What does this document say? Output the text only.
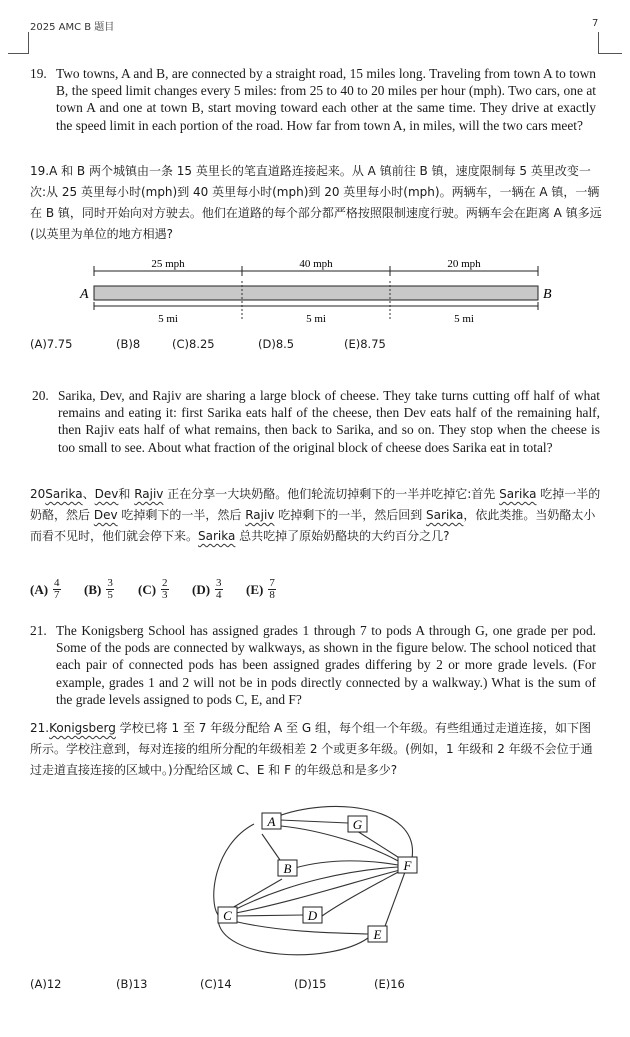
2025 AMC B 题目	7
19. Two towns, A and B, are connected by a straight road, 15 miles long. Traveling from town A to town B, the speed limit changes every 5 miles: from 25 to 40 to 20 miles per hour (mph). Two cars, one at town A and one at town B, start moving toward each other at the same time. They drive at exactly the speed limit in each portion of the road. How far from town A, in miles, will the two cars meet?
19.A 和 B 两个城镇由一条 15 英里长的笔直道路连接起来。从 A 镇前往 B 镇，速度限制每 5 英里改变一次:从 25 英里每小时(mph)到 40 英里每小时(mph)到 20 英里每小时(mph)。两辆车，一辆在 A 镇，一辆在 B 镇，同时开始向对方驶去。他们在道路的每个部分都严格按照限制速度行驶。两辆车会在距离 A 镇多远(以英里为单位的地方相遇?
25 mph	40 mph	20 mph
A	B
5 mi	5 mi	5 mi
(A)7.75	(B)8	(C)8.25	(D)8.5	(E)8.75
20. Sarika, Dev, and Rajiv are sharing a large block of cheese. They take turns cutting off half of what remains and eating it: first Sarika eats half of the cheese, then Dev eats half of the remaining half, then Rajiv eats half of what remains, then back to Sarika, and so on. They stop when the cheese is too small to see. About what fraction of the original block of cheese does Sarika eat in total?
20Sarika、Dev和 Rajiv 正在分享一大块奶酪。他们轮流切掉剩下的一半并吃掉它:首先 Sarika 吃掉一半的奶酪，然后 Dev 吃掉剩下的一半，然后 Rajiv 吃掉剩下的一半，然后回到 Sarika，依此类推。当奶酪太小而看不见时，他们就会停下来。Sarika 总共吃掉了原始奶酪块的大约百分之几?
$(A) \frac{4}{7} (B) \frac{3}{5} (C) \frac{2}{3} (D) \frac{3}{4} (E) \frac{7}{8}$
21. The Konigsberg School has assigned grades 1 through 7 to pods A through G, one grade per pod. Some of the pods are connected by walkways, as shown in the figure below. The school noticed that each pair of connected pods has been assigned grades differing by 2 or more grade levels. (For example, grades 1 and 2 will not be in pods directly connected by a walkway.) What is the sum of the grade levels assigned to pods C, E, and F?
21.Konigsberg 学校已将 1 至 7 年级分配给 A 至 G 组，每个组一个年级。有些组通过走道连接，如下图所示。学校注意到，每对连接的组所分配的年级相差 2 个或更多年级。(例如，1 年级和 2 年级不会位于通过走道直接连接的区域中。)分配给区域 C、E 和 F 的年级总和是多少?
A
B
C	D
E
F
G
(A)12	(B)13	(C)14	(D)15	(E)16
